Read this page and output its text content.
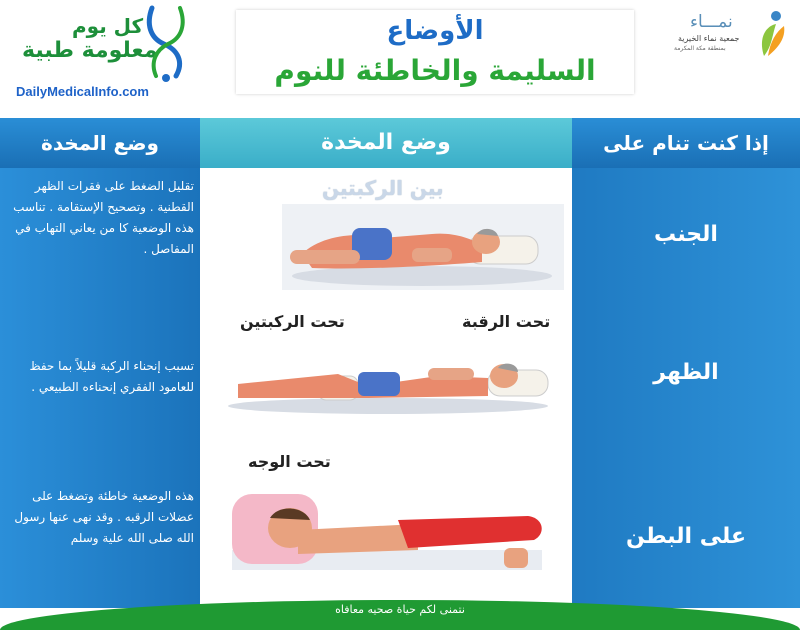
كل يوم
معلومة طبية
DailyMedicalInfo.com
الأوضاع
السليمة والخاطئة للنوم
نمـــاء
جمعية نماء الخيرية
بمنطقة مكة المكرمة
وضع المخدة	وضع المخدة	إذا كنت تنام على
تقليل الضغط على فقرات الظهر القطنية . وتصحيح الإستقامة . تناسب هذه الوضعية كا من يعاني التهاب في المفاصل .
تسبب إنحناء الركبة قليلاً بما حفظ للعامود الفقري إنحناءه الطبيعي .
هذه الوضعية خاطئة وتضغط على عضلات الرقبه . وقد نهى عنها رسول الله صلى الله علية وسلم
الجنب
الظهر
على البطن
بين الركبتين
تحت الرقبة
تحت الركبتين
تحت الوجه
نتمنى لكم حياة صحيه معافاه
